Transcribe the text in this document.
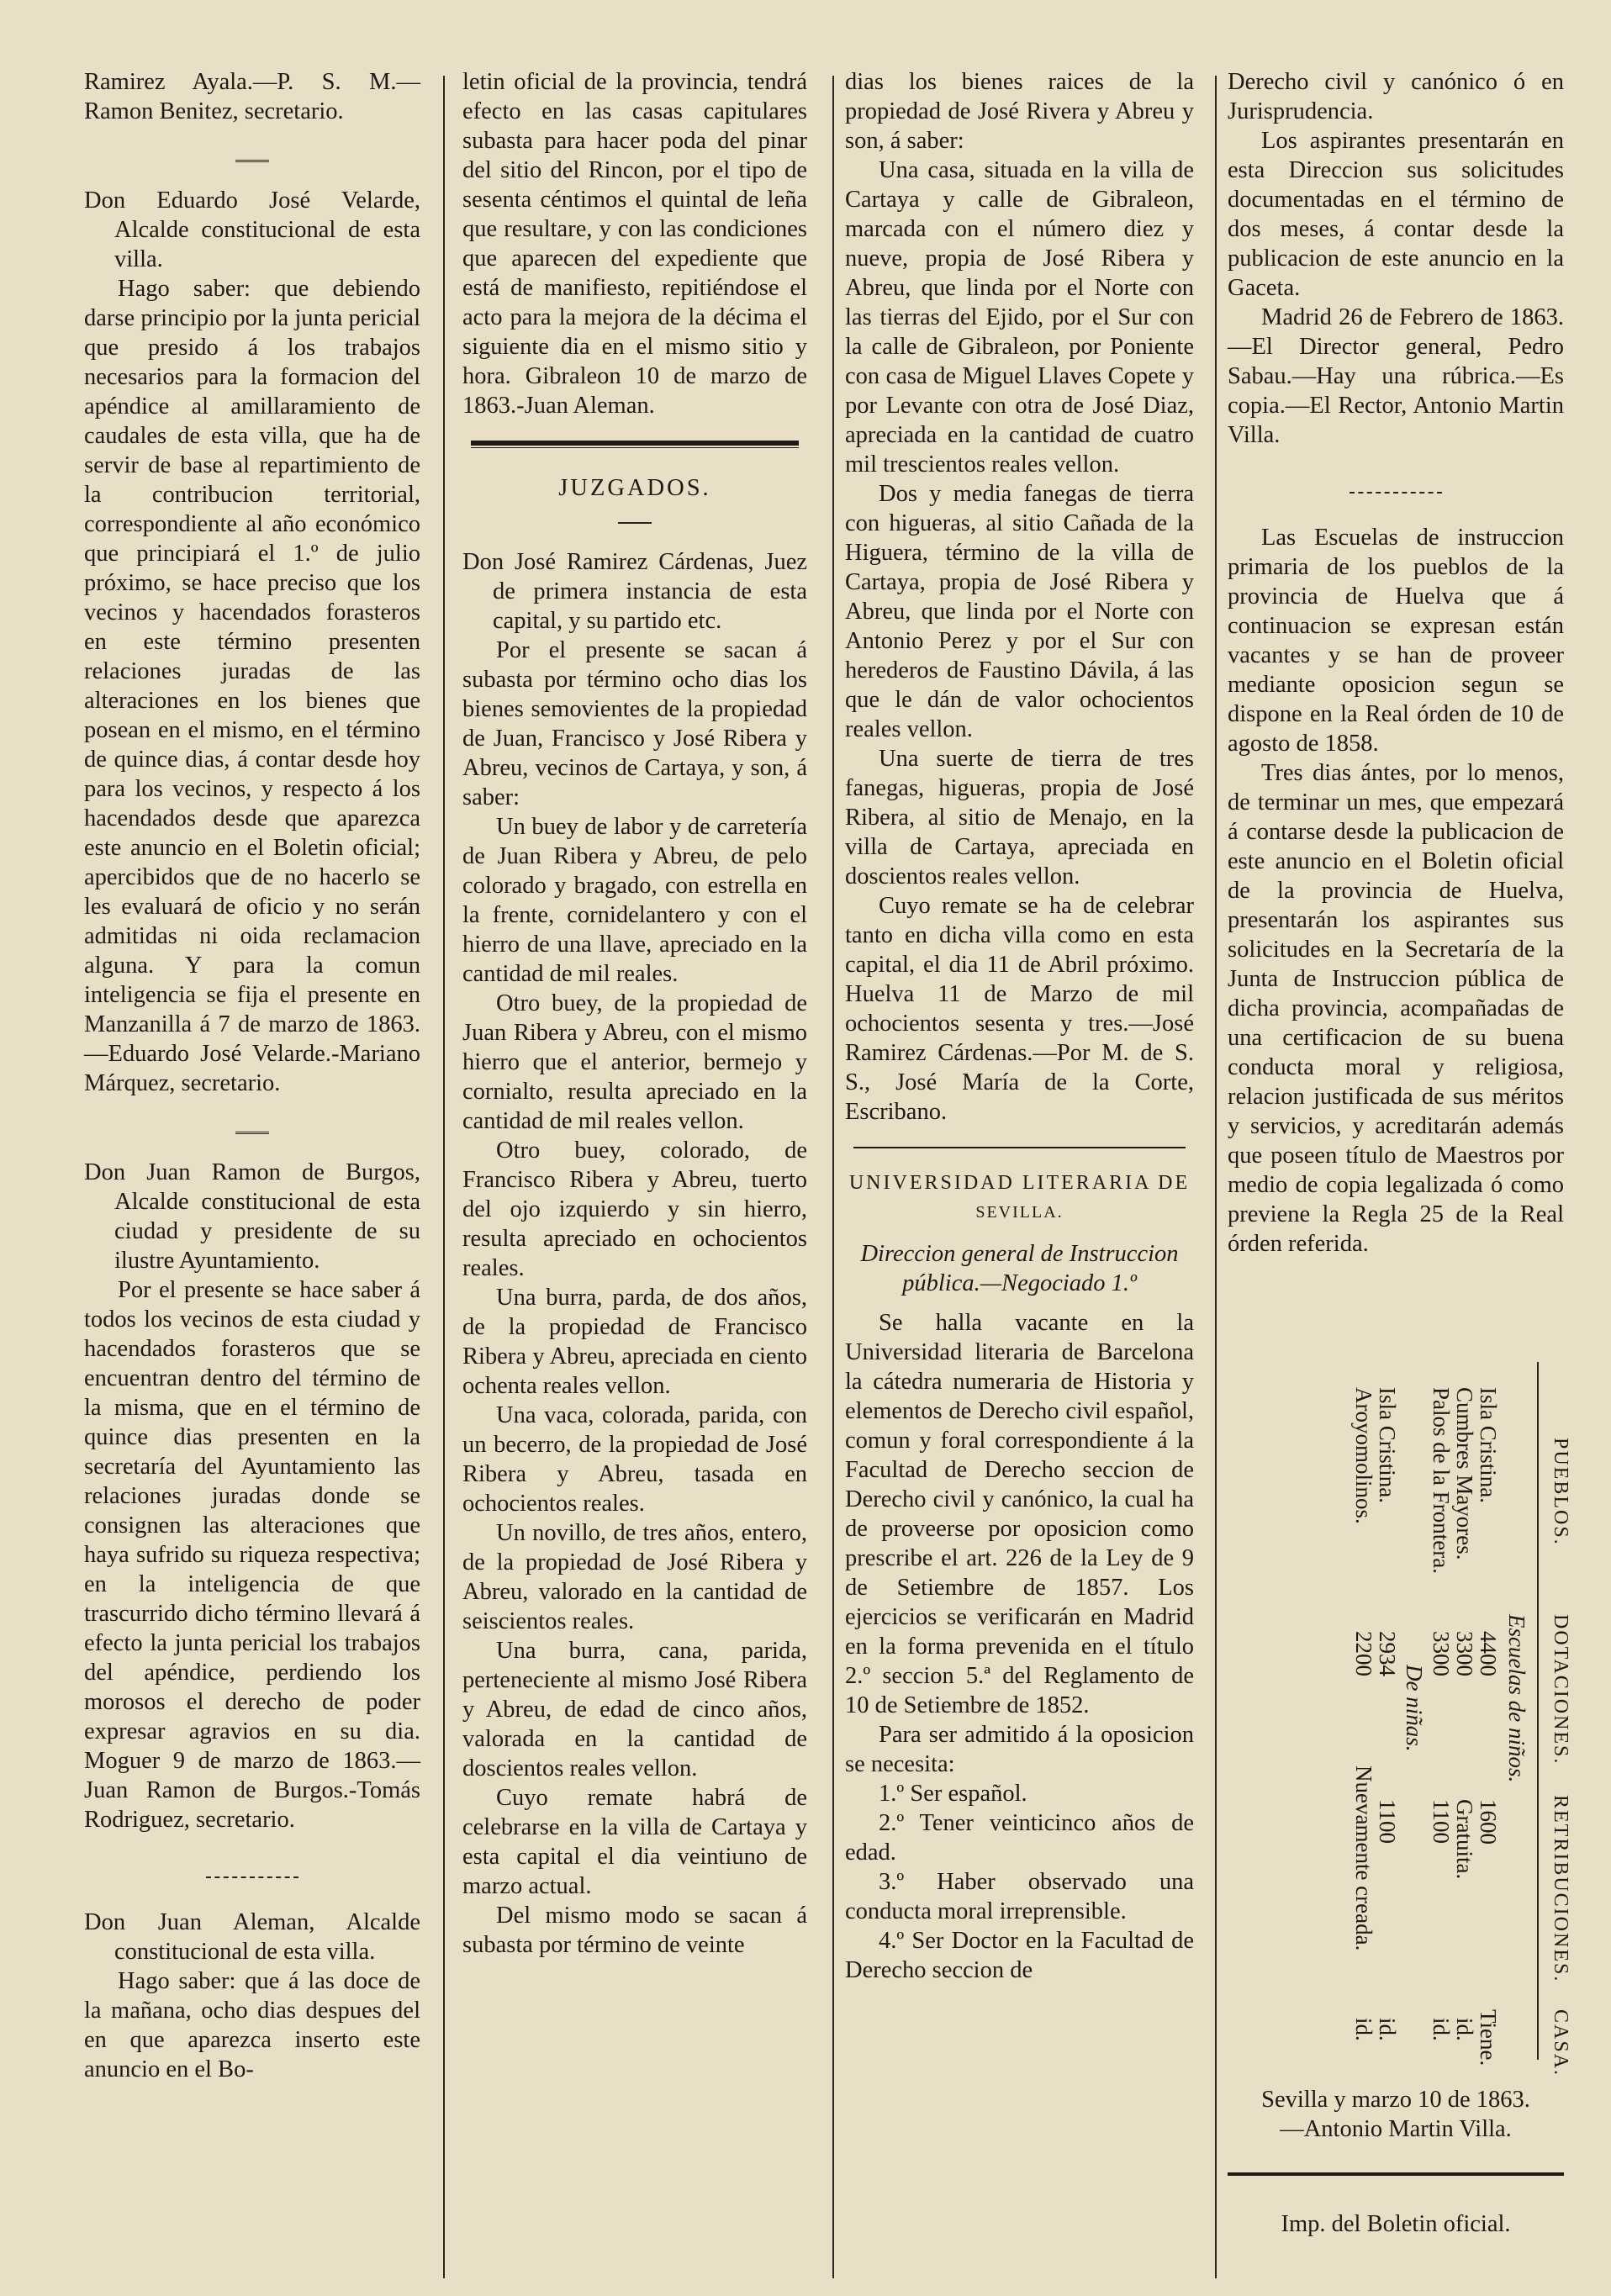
Ramirez Ayala.—P. S. M.— Ramon Benitez, secretario.

Don Eduardo José Velarde, Alcalde constitucional de esta villa.

Hago saber: que debiendo darse principio por la junta pericial que presido á los trabajos necesarios para la formacion del apéndice al amillaramiento de caudales de esta villa, que ha de servir de base al repartimiento de la contribucion territorial, correspondiente al año económico que principiará el 1.º de julio próximo, se hace preciso que los vecinos y hacendados forasteros en este término presenten relaciones juradas de las alteraciones en los bienes que posean en el mismo, en el término de quince dias, á contar desde hoy para los vecinos, y respecto á los hacendados desde que aparezca este anuncio en el Boletin oficial; apercibidos que de no hacerlo se les evaluará de oficio y no serán admitidas ni oida reclamacion alguna. Y para la comun inteligencia se fija el presente en Manzanilla á 7 de marzo de 1863.—Eduardo José Velarde.-Mariano Márquez, secretario.

Don Juan Ramon de Burgos, Alcalde constitucional de esta ciudad y presidente de su ilustre Ayuntamiento.

Por el presente se hace saber á todos los vecinos de esta ciudad y hacendados forasteros que se encuentran dentro del término de la misma, que en el término de quince dias presenten en la secretaría del Ayuntamiento las relaciones juradas donde se consignen las alteraciones que haya sufrido su riqueza respectiva; en la inteligencia de que trascurrido dicho término llevará á efecto la junta pericial los trabajos del apéndice, perdiendo los morosos el derecho de poder expresar agravios en su dia. Moguer 9 de marzo de 1863.—Juan Ramon de Burgos.-Tomás Rodriguez, secretario.

Don Juan Aleman, Alcalde constitucional de esta villa.

Hago saber: que á las doce de la mañana, ocho dias despues del en que aparezca inserto este anuncio en el Bo-

letin oficial de la provincia, tendrá efecto en las casas capitulares subasta para hacer poda del pinar del sitio del Rincon, por el tipo de sesenta céntimos el quintal de leña que resultare, y con las condiciones que aparecen del expediente que está de manifiesto, repitiéndose el acto para la mejora de la décima el siguiente dia en el mismo sitio y hora. Gibraleon 10 de marzo de 1863.-Juan Aleman.

JUZGADOS.

Don José Ramirez Cárdenas, Juez de primera instancia de esta capital, y su partido etc.

Por el presente se sacan á subasta por término ocho dias los bienes semovientes de la propiedad de Juan, Francisco y José Ribera y Abreu, vecinos de Cartaya, y son, á saber:

Un buey de labor y de carretería de Juan Ribera y Abreu, de pelo colorado y bragado, con estrella en la frente, cornidelantero y con el hierro de una llave, apreciado en la cantidad de mil reales.

Otro buey, de la propiedad de Juan Ribera y Abreu, con el mismo hierro que el anterior, bermejo y cornialto, resulta apreciado en la cantidad de mil reales vellon.

Otro buey, colorado, de Francisco Ribera y Abreu, tuerto del ojo izquierdo y sin hierro, resulta apreciado en ochocientos reales.

Una burra, parda, de dos años, de la propiedad de Francisco Ribera y Abreu, apreciada en ciento ochenta reales vellon.

Una vaca, colorada, parida, con un becerro, de la propiedad de José Ribera y Abreu, tasada en ochocientos reales.

Un novillo, de tres años, entero, de la propiedad de José Ribera y Abreu, valorado en la cantidad de seiscientos reales.

Una burra, cana, parida, perteneciente al mismo José Ribera y Abreu, de edad de cinco años, valorada en la cantidad de doscientos reales vellon.

Cuyo remate habrá de celebrarse en la villa de Cartaya y esta capital el dia veintiuno de marzo actual.

Del mismo modo se sacan á subasta por término de veinte

dias los bienes raices de la propiedad de José Rivera y Abreu y son, á saber:

Una casa, situada en la villa de Cartaya y calle de Gibraleon, marcada con el número diez y nueve, propia de José Ribera y Abreu, que linda por el Norte con las tierras del Ejido, por el Sur con la calle de Gibraleon, por Poniente con casa de Miguel Llaves Copete y por Levante con otra de José Diaz, apreciada en la cantidad de cuatro mil trescientos reales vellon.

Dos y media fanegas de tierra con higueras, al sitio Cañada de la Higuera, término de la villa de Cartaya, propia de José Ribera y Abreu, que linda por el Norte con Antonio Perez y por el Sur con herederos de Faustino Dávila, á las que le dán de valor ochocientos reales vellon.

Una suerte de tierra de tres fanegas, higueras, propia de José Ribera, al sitio de Menajo, en la villa de Cartaya, apreciada en doscientos reales vellon.

Cuyo remate se ha de celebrar tanto en dicha villa como en esta capital, el dia 11 de Abril próximo. Huelva 11 de Marzo de mil ochocientos sesenta y tres.—José Ramirez Cárdenas.—Por M. de S. S., José María de la Corte, Escribano.

UNIVERSIDAD LITERARIA DE

SEVILLA.

Direccion general de Instruccion pública.—Negociado 1.º

Se halla vacante en la Universidad literaria de Barcelona la cátedra numeraria de Historia y elementos de Derecho civil español, comun y foral correspondiente á la Facultad de Derecho seccion de Derecho civil y canónico, la cual ha de proveerse por oposicion como prescribe el art. 226 de la Ley de 9 de Setiembre de 1857. Los ejercicios se verificarán en Madrid en la forma prevenida en el título 2.º seccion 5.ª del Reglamento de 10 de Setiembre de 1852.

Para ser admitido á la oposicion se necesita:

1.º Ser español.

2.º Tener veinticinco años de edad.

3.º Haber observado una conducta moral irreprensible.

4.º Ser Doctor en la Facultad de Derecho seccion de

Derecho civil y canónico ó en Jurisprudencia.

Los aspirantes presentarán en esta Direccion sus solicitudes documentadas en el término de dos meses, á contar desde la publicacion de este anuncio en la Gaceta.

Madrid 26 de Febrero de 1863.—El Director general, Pedro Sabau.—Hay una rúbrica.—Es copia.—El Rector, Antonio Martin Villa.

Las Escuelas de instruccion primaria de los pueblos de la provincia de Huelva que á continuacion se expresan están vacantes y se han de proveer mediante oposicion segun se dispone en la Real órden de 10 de agosto de 1858.

Tres dias ántes, por lo menos, de terminar un mes, que empezará á contarse desde la publicacion de este anuncio en el Boletin oficial de la provincia de Huelva, presentarán los aspirantes sus solicitudes en la Secretaría de la Junta de Instruccion pública de dicha provincia, acompañadas de una certificacion de su buena conducta moral y religiosa, relacion justificada de sus méritos y servicios, y acreditarán además que poseen título de Maestros por medio de copia legalizada ó como previene la Regla 25 de la Real órden referida.

PUEBLOS.
DOTACIONES.
RETRIBUCIONES.
CASA.
Escuelas de niños.
Isla Cristina.
4400
1600
Tiene.
Cumbres Mayores.
3300
Gratuita.
id.
Palos de la Frontera.
3300
1100
id.
De niñas.
Isla Cristina.
2934
1100
id.
Aroyomolinos.
2200
Nuevamente creada.
id.

Sevilla y marzo 10 de 1863.

—Antonio Martin Villa.

Imp. del Boletin oficial.
